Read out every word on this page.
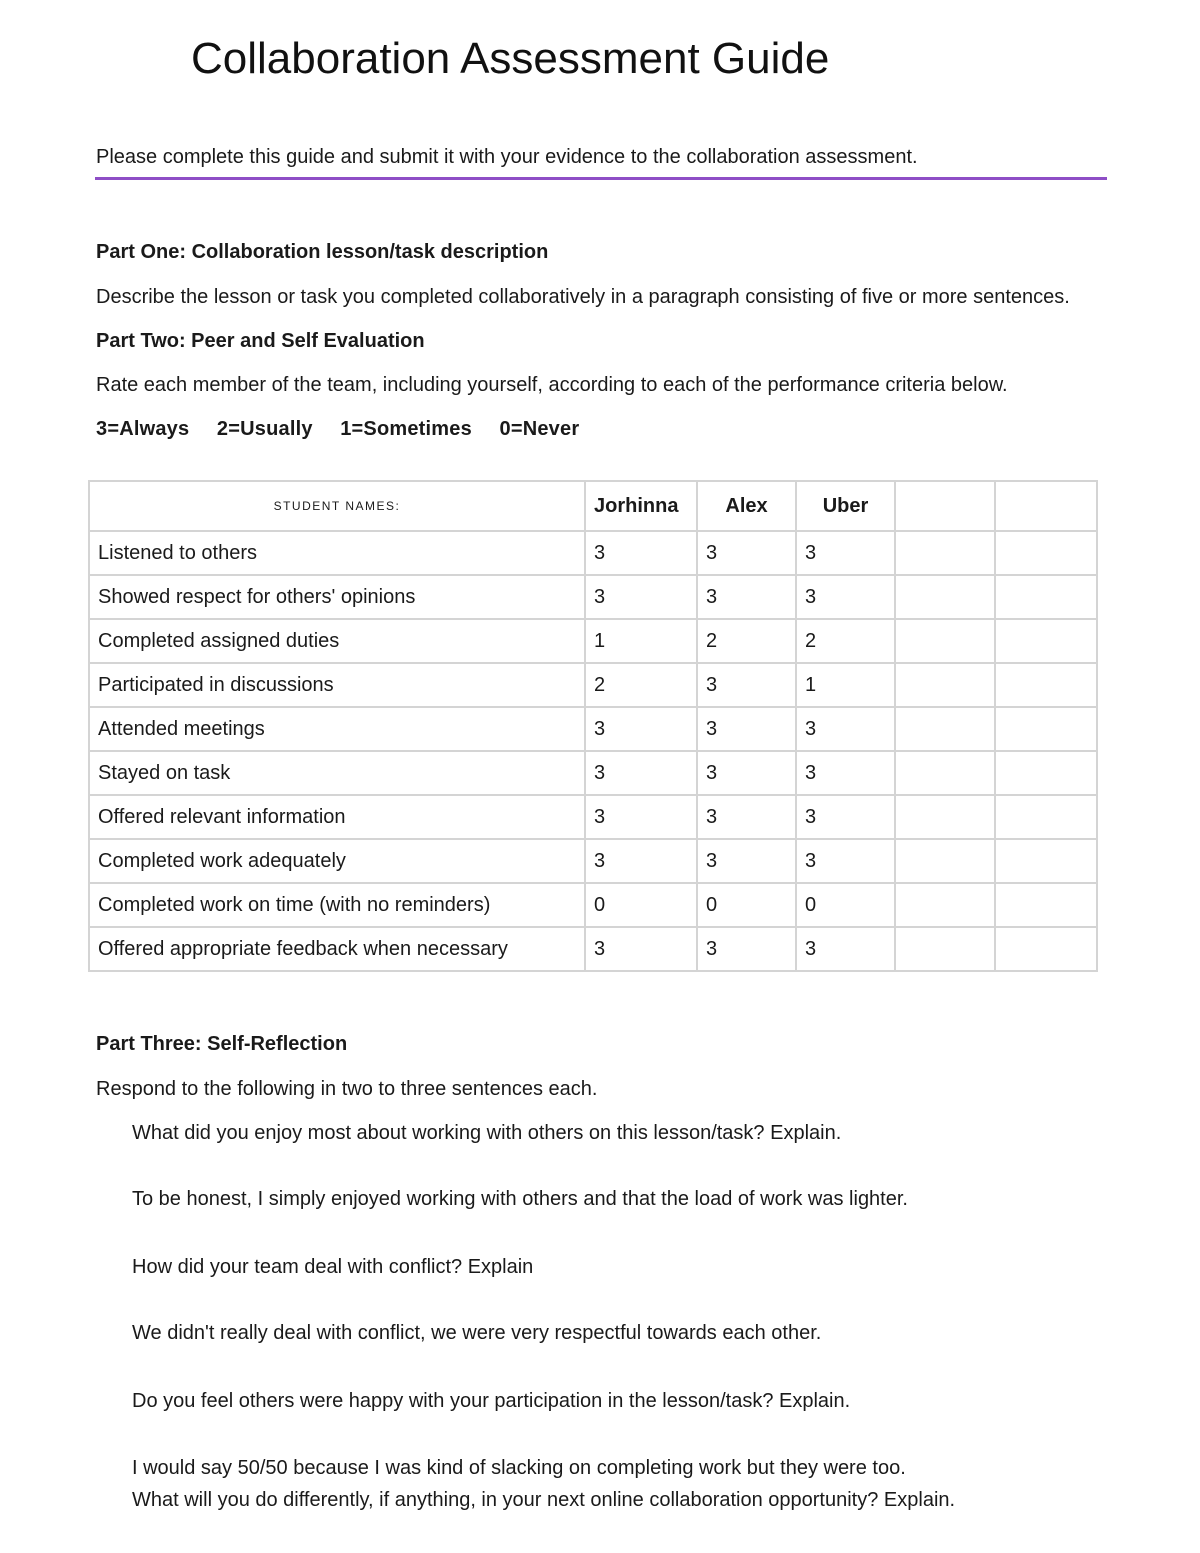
Collaboration Assessment Guide
Please complete this guide and submit it with your evidence to the collaboration assessment.
Part One: Collaboration lesson/task description
Describe the lesson or task you completed collaboratively in a paragraph consisting of five or more sentences.
Part Two: Peer and Self Evaluation
Rate each member of the team, including yourself, according to each of the performance criteria below.
3=Always 2=Usually 1=Sometimes 0=Never
STUDENT NAMES:	Jorhinna	Alex	Uber		
Listened to others	3	3	3		
Showed respect for others' opinions	3	3	3		
Completed assigned duties	1	2	2		
Participated in discussions	2	3	1		
Attended meetings	3	3	3		
Stayed on task	3	3	3		
Offered relevant information	3	3	3		
Completed work adequately	3	3	3		
Completed work on time (with no reminders)	0	0	0		
Offered appropriate feedback when necessary	3	3	3		
Part Three: Self-Reflection
Respond to the following in two to three sentences each.
What did you enjoy most about working with others on this lesson/task? Explain.
To be honest, I simply enjoyed working with others and that the load of work was lighter.
How did your team deal with conflict? Explain
We didn't really deal with conflict, we were very respectful towards each other.
Do you feel others were happy with your participation in the lesson/task? Explain.
I would say 50/50 because I was kind of slacking on completing work but they were too.
What will you do differently, if anything, in your next online collaboration opportunity? Explain.
